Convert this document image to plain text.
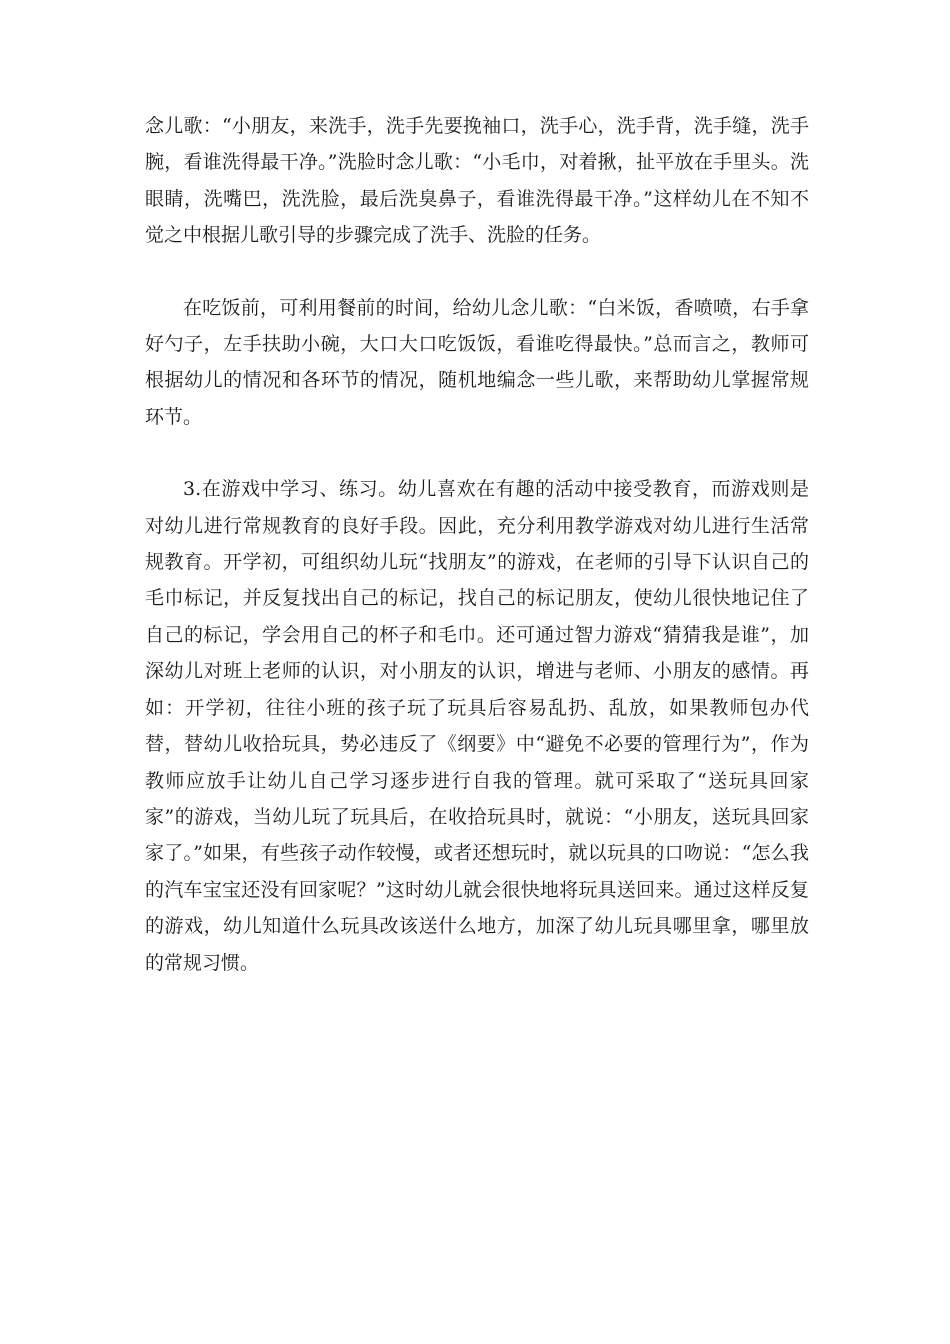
念儿歌：“小朋友，来洗手，洗手先要挽袖口，洗手心，洗手背，洗手缝，洗手腕，看谁洗得最干净。”洗脸时念儿歌：“小毛巾，对着揪，扯平放在手里头。洗眼睛，洗嘴巴，洗洗脸，最后洗臭鼻子，看谁洗得最干净。”这样幼儿在不知不觉之中根据儿歌引导的步骤完成了洗手、洗脸的任务。

在吃饭前，可利用餐前的时间，给幼儿念儿歌：“白米饭，香喷喷，右手拿好勺子，左手扶助小碗，大口大口吃饭饭，看谁吃得最快。”总而言之，教师可根据幼儿的情况和各环节的情况，随机地编念一些儿歌，来帮助幼儿掌握常规环节。

3.在游戏中学习、练习。幼儿喜欢在有趣的活动中接受教育，而游戏则是对幼儿进行常规教育的良好手段。因此，充分利用教学游戏对幼儿进行生活常规教育。开学初，可组织幼儿玩“找朋友”的游戏，在老师的引导下认识自己的毛巾标记，并反复找出自己的标记，找自己的标记朋友，使幼儿很快地记住了自己的标记，学会用自己的杯子和毛巾。还可通过智力游戏“猜猜我是谁”，加深幼儿对班上老师的认识，对小朋友的认识，增进与老师、小朋友的感情。再如：开学初，往往小班的孩子玩了玩具后容易乱扔、乱放，如果教师包办代替，替幼儿收拾玩具，势必违反了《纲要》中“避免不必要的管理行为”，作为教师应放手让幼儿自己学习逐步进行自我的管理。就可采取了“送玩具回家家”的游戏，当幼儿玩了玩具后，在收拾玩具时，就说：“小朋友，送玩具回家家了。”如果，有些孩子动作较慢，或者还想玩时，就以玩具的口吻说：“怎么我的汽车宝宝还没有回家呢？”这时幼儿就会很快地将玩具送回来。通过这样反复的游戏，幼儿知道什么玩具改该送什么地方，加深了幼儿玩具哪里拿，哪里放的常规习惯。
